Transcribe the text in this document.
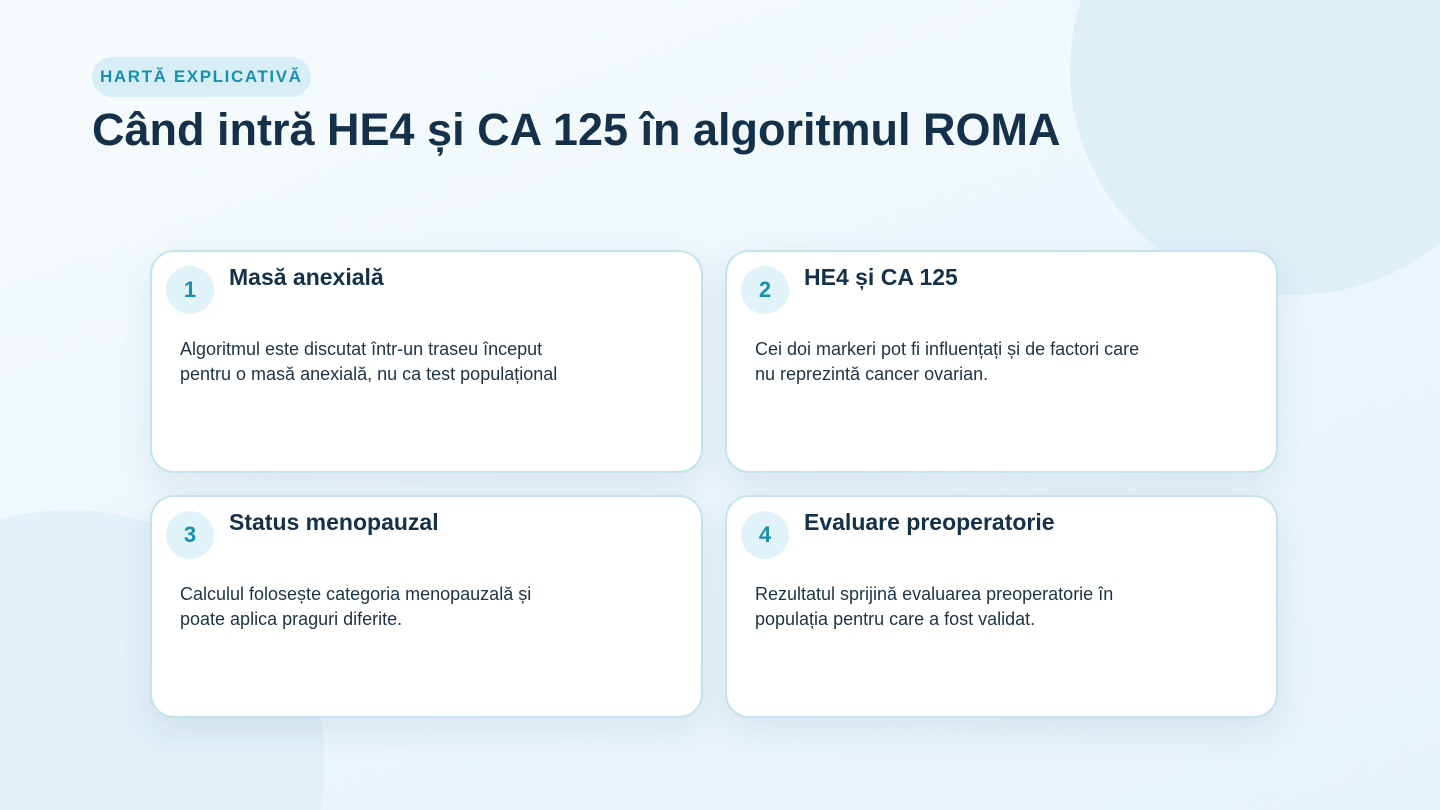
HARTĂ EXPLICATIVĂ
Când intră HE4 și CA 125 în algoritmul ROMA
1	Masă anexială

Algoritmul este discutat într-un traseu început pentru o masă anexială, nu ca test populațional

2	HE4 și CA 125

Cei doi markeri pot fi influențați și de factori care nu reprezintă cancer ovarian.

3	Status menopauzal

Calculul folosește categoria menopauzală și poate aplica praguri diferite.

4	Evaluare preoperatorie

Rezultatul sprijină evaluarea preoperatorie în populația pentru care a fost validat.
